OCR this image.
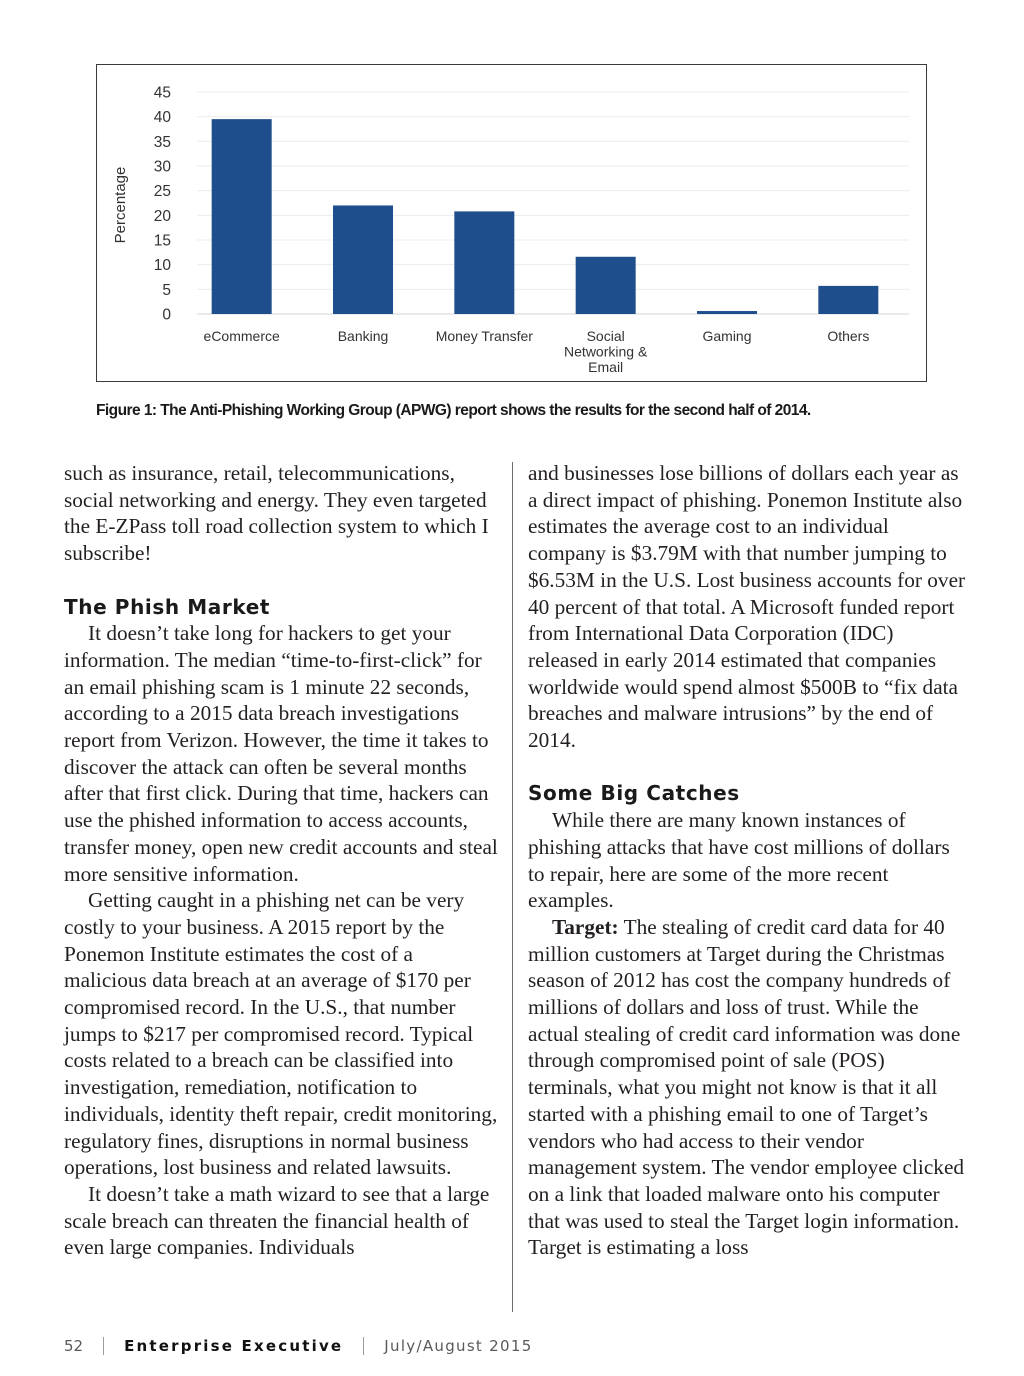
0
5
10
15
20
25
30
35
40
45
eCommerce	Banking	Money Transfer	Social Networking & Email
Gaming	Others
Percentage
Figure 1: The Anti-Phishing Working Group (APWG) report shows the results for the second half of 2014.

such as insurance, retail, telecommunications, social networking and energy. They even targeted the E-ZPass toll road collection system to which I subscribe!

The Phish Market

It doesn’t take long for hackers to get your information. The median “time-to-first-click” for an email phishing scam is 1 minute 22 seconds, according to a 2015 data breach investigations report from Verizon. However, the time it takes to discover the attack can often be several months after that first click. During that time, hackers can use the phished information to access accounts, transfer money, open new credit accounts and steal more sensitive information.

Getting caught in a phishing net can be very costly to your business. A 2015 report by the Ponemon Institute estimates the cost of a malicious data breach at an average of $170 per compromised record. In the U.S., that number jumps to $217 per compromised record. Typical costs related to a breach can be classified into investigation, remediation, notification to individuals, identity theft repair, credit monitoring, regulatory fines, disruptions in normal business operations, lost business and related lawsuits.

It doesn’t take a math wizard to see that a large scale breach can threaten the financial health of even large companies. Individuals

and businesses lose billions of dollars each year as a direct impact of phishing. Ponemon Institute also estimates the average cost to an individual company is $3.79M with that number jumping to $6.53M in the U.S. Lost business accounts for over 40 percent of that total. A Microsoft funded report from International Data Corporation (IDC) released in early 2014 estimated that companies worldwide would spend almost $500B to “fix data breaches and malware intrusions” by the end of 2014.

Some Big Catches

While there are many known instances of phishing attacks that have cost millions of dollars to repair, here are some of the more recent examples.

Target: The stealing of credit card data for 40 million customers at Target during the Christmas season of 2012 has cost the company hundreds of millions of dollars and loss of trust. While the actual stealing of credit card information was done through compromised point of sale (POS) terminals, what you might not know is that it all started with a phishing email to one of Target’s vendors who had access to their vendor management system. The vendor employee clicked on a link that loaded malware onto his computer that was used to steal the Target login information. Target is estimating a loss

52	Enterprise Executive	July/August 2015
